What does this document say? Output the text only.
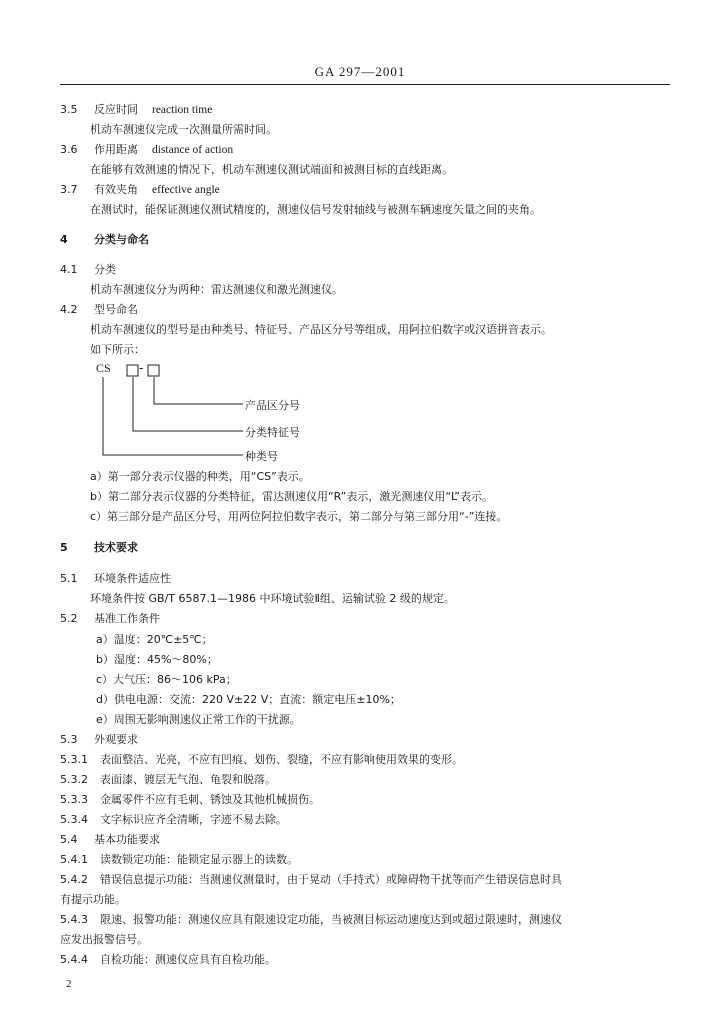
GA 297—2001
3.5 反应时间 reaction time
机动车测速仪完成一次测量所需时间。
3.6 作用距离 distance of action
在能够有效测速的情况下，机动车测速仪测试端面和被测目标的直线距离。
3.7 有效夹角 effective angle
在测试时，能保证测速仪测试精度的，测速仪信号发射轴线与被测车辆速度矢量之间的夹角。
4 分类与命名
4.1 分类
机动车测速仪分为两种：雷达测速仪和激光测速仪。
4.2 型号命名
机动车测速仪的型号是由种类号、特征号、产品区分号等组成，用阿拉伯数字或汉语拼音表示。
如下所示：
CS -
产品区分号
分类特征号
种类号
a）第一部分表示仪器的种类，用“CS”表示。
b）第二部分表示仪器的分类特征，雷达测速仪用“R”表示，激光测速仪用“L”表示。
c）第三部分是产品区分号，用两位阿拉伯数字表示，第二部分与第三部分用“-”连接。
5 技术要求
5.1 环境条件适应性
环境条件按 GB/T 6587.1—1986 中环境试验Ⅱ组、运输试验 2 级的规定。
5.2 基准工作条件
a）温度：20℃±5℃；
b）湿度：45%～80%；
c）大气压：86～106 kPa；
d）供电电源：交流：220 V±22 V；直流：额定电压±10%；
e）周围无影响测速仪正常工作的干扰源。
5.3 外观要求
5.3.1 表面整洁、光亮，不应有凹痕、划伤、裂缝，不应有影响使用效果的变形。
5.3.2 表面漆、镀层无气泡、龟裂和脱落。
5.3.3 金属零件不应有毛刺、锈蚀及其他机械损伤。
5.3.4 文字标识应齐全清晰，字迹不易去除。
5.4 基本功能要求
5.4.1 读数锁定功能：能锁定显示器上的读数。
5.4.2 错误信息提示功能：当测速仪测量时，由于晃动（手持式）或障碍物干扰等而产生错误信息时具
有提示功能。
5.4.3 限速、报警功能：测速仪应具有限速设定功能，当被测目标运动速度达到或超过限速时，测速仪
应发出报警信号。
5.4.4 自检功能：测速仪应具有自检功能。
2
